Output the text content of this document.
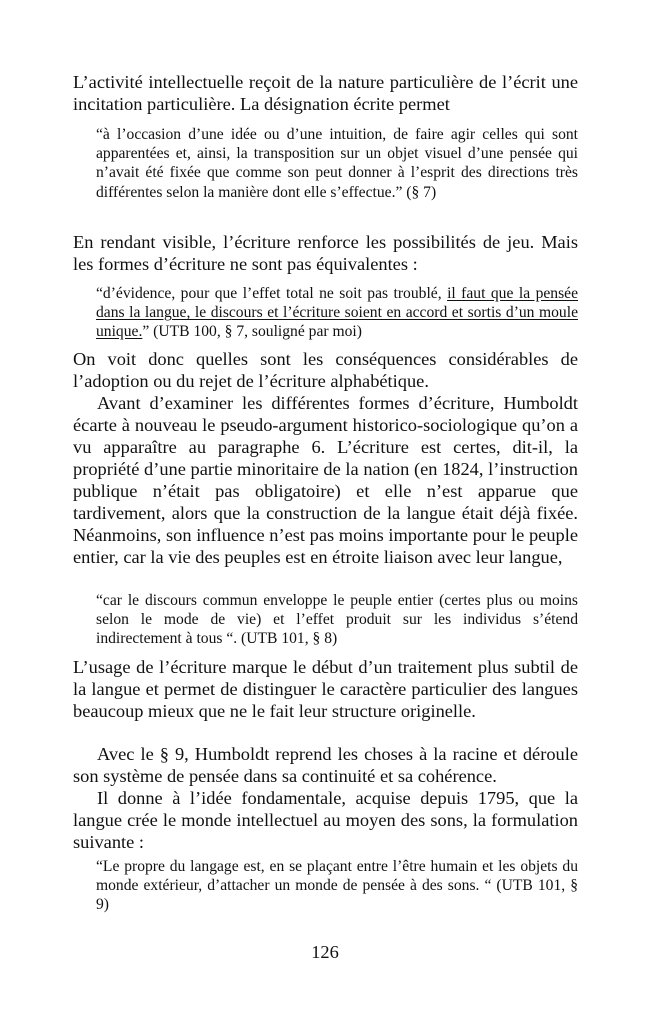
L’activité intellectuelle reçoit de la nature particulière de l’écrit une incitation particulière. La désignation écrite permet

“à l’occasion d’une idée ou d’une intuition, de faire agir celles qui sont apparentées et, ainsi, la transposition sur un objet visuel d’une pensée qui n’avait été fixée que comme son peut donner à l’esprit des directions très différentes selon la manière dont elle s’effectue.” (§ 7)

En rendant visible, l’écriture renforce les possibilités de jeu. Mais les formes d’écriture ne sont pas équivalentes :

“d’évidence, pour que l’effet total ne soit pas troublé, il faut que la pensée dans la langue, le discours et l’écriture soient en accord et sortis d’un moule unique.” (UTB 100, § 7, souligné par moi)

On voit donc quelles sont les conséquences considérables de l’adoption ou du rejet de l’écriture alphabétique.

Avant d’examiner les différentes formes d’écriture, Humboldt écarte à nouveau le pseudo-argument historico-sociologique qu’on a vu apparaître au paragraphe 6. L’écriture est certes, dit-il, la propriété d’une partie minoritaire de la nation (en 1824, l’instruction publique n’était pas obligatoire) et elle n’est apparue que tardivement, alors que la construction de la langue était déjà fixée. Néanmoins, son influence n’est pas moins importante pour le peuple entier, car la vie des peuples est en étroite liaison avec leur langue,

“car le discours commun enveloppe le peuple entier (certes plus ou moins selon le mode de vie) et l’effet produit sur les individus s’étend indirectement à tous “. (UTB 101, § 8)

L’usage de l’écriture marque le début d’un traitement plus subtil de la langue et permet de distinguer le caractère particulier des langues beaucoup mieux que ne le fait leur structure originelle.

Avec le § 9, Humboldt reprend les choses à la racine et déroule son système de pensée dans sa continuité et sa cohérence.

Il donne à l’idée fondamentale, acquise depuis 1795, que la langue crée le monde intellectuel au moyen des sons, la formulation suivante :

“Le propre du langage est, en se plaçant entre l’être humain et les objets du monde extérieur, d’attacher un monde de pensée à des sons. “ (UTB 101, § 9)

126
